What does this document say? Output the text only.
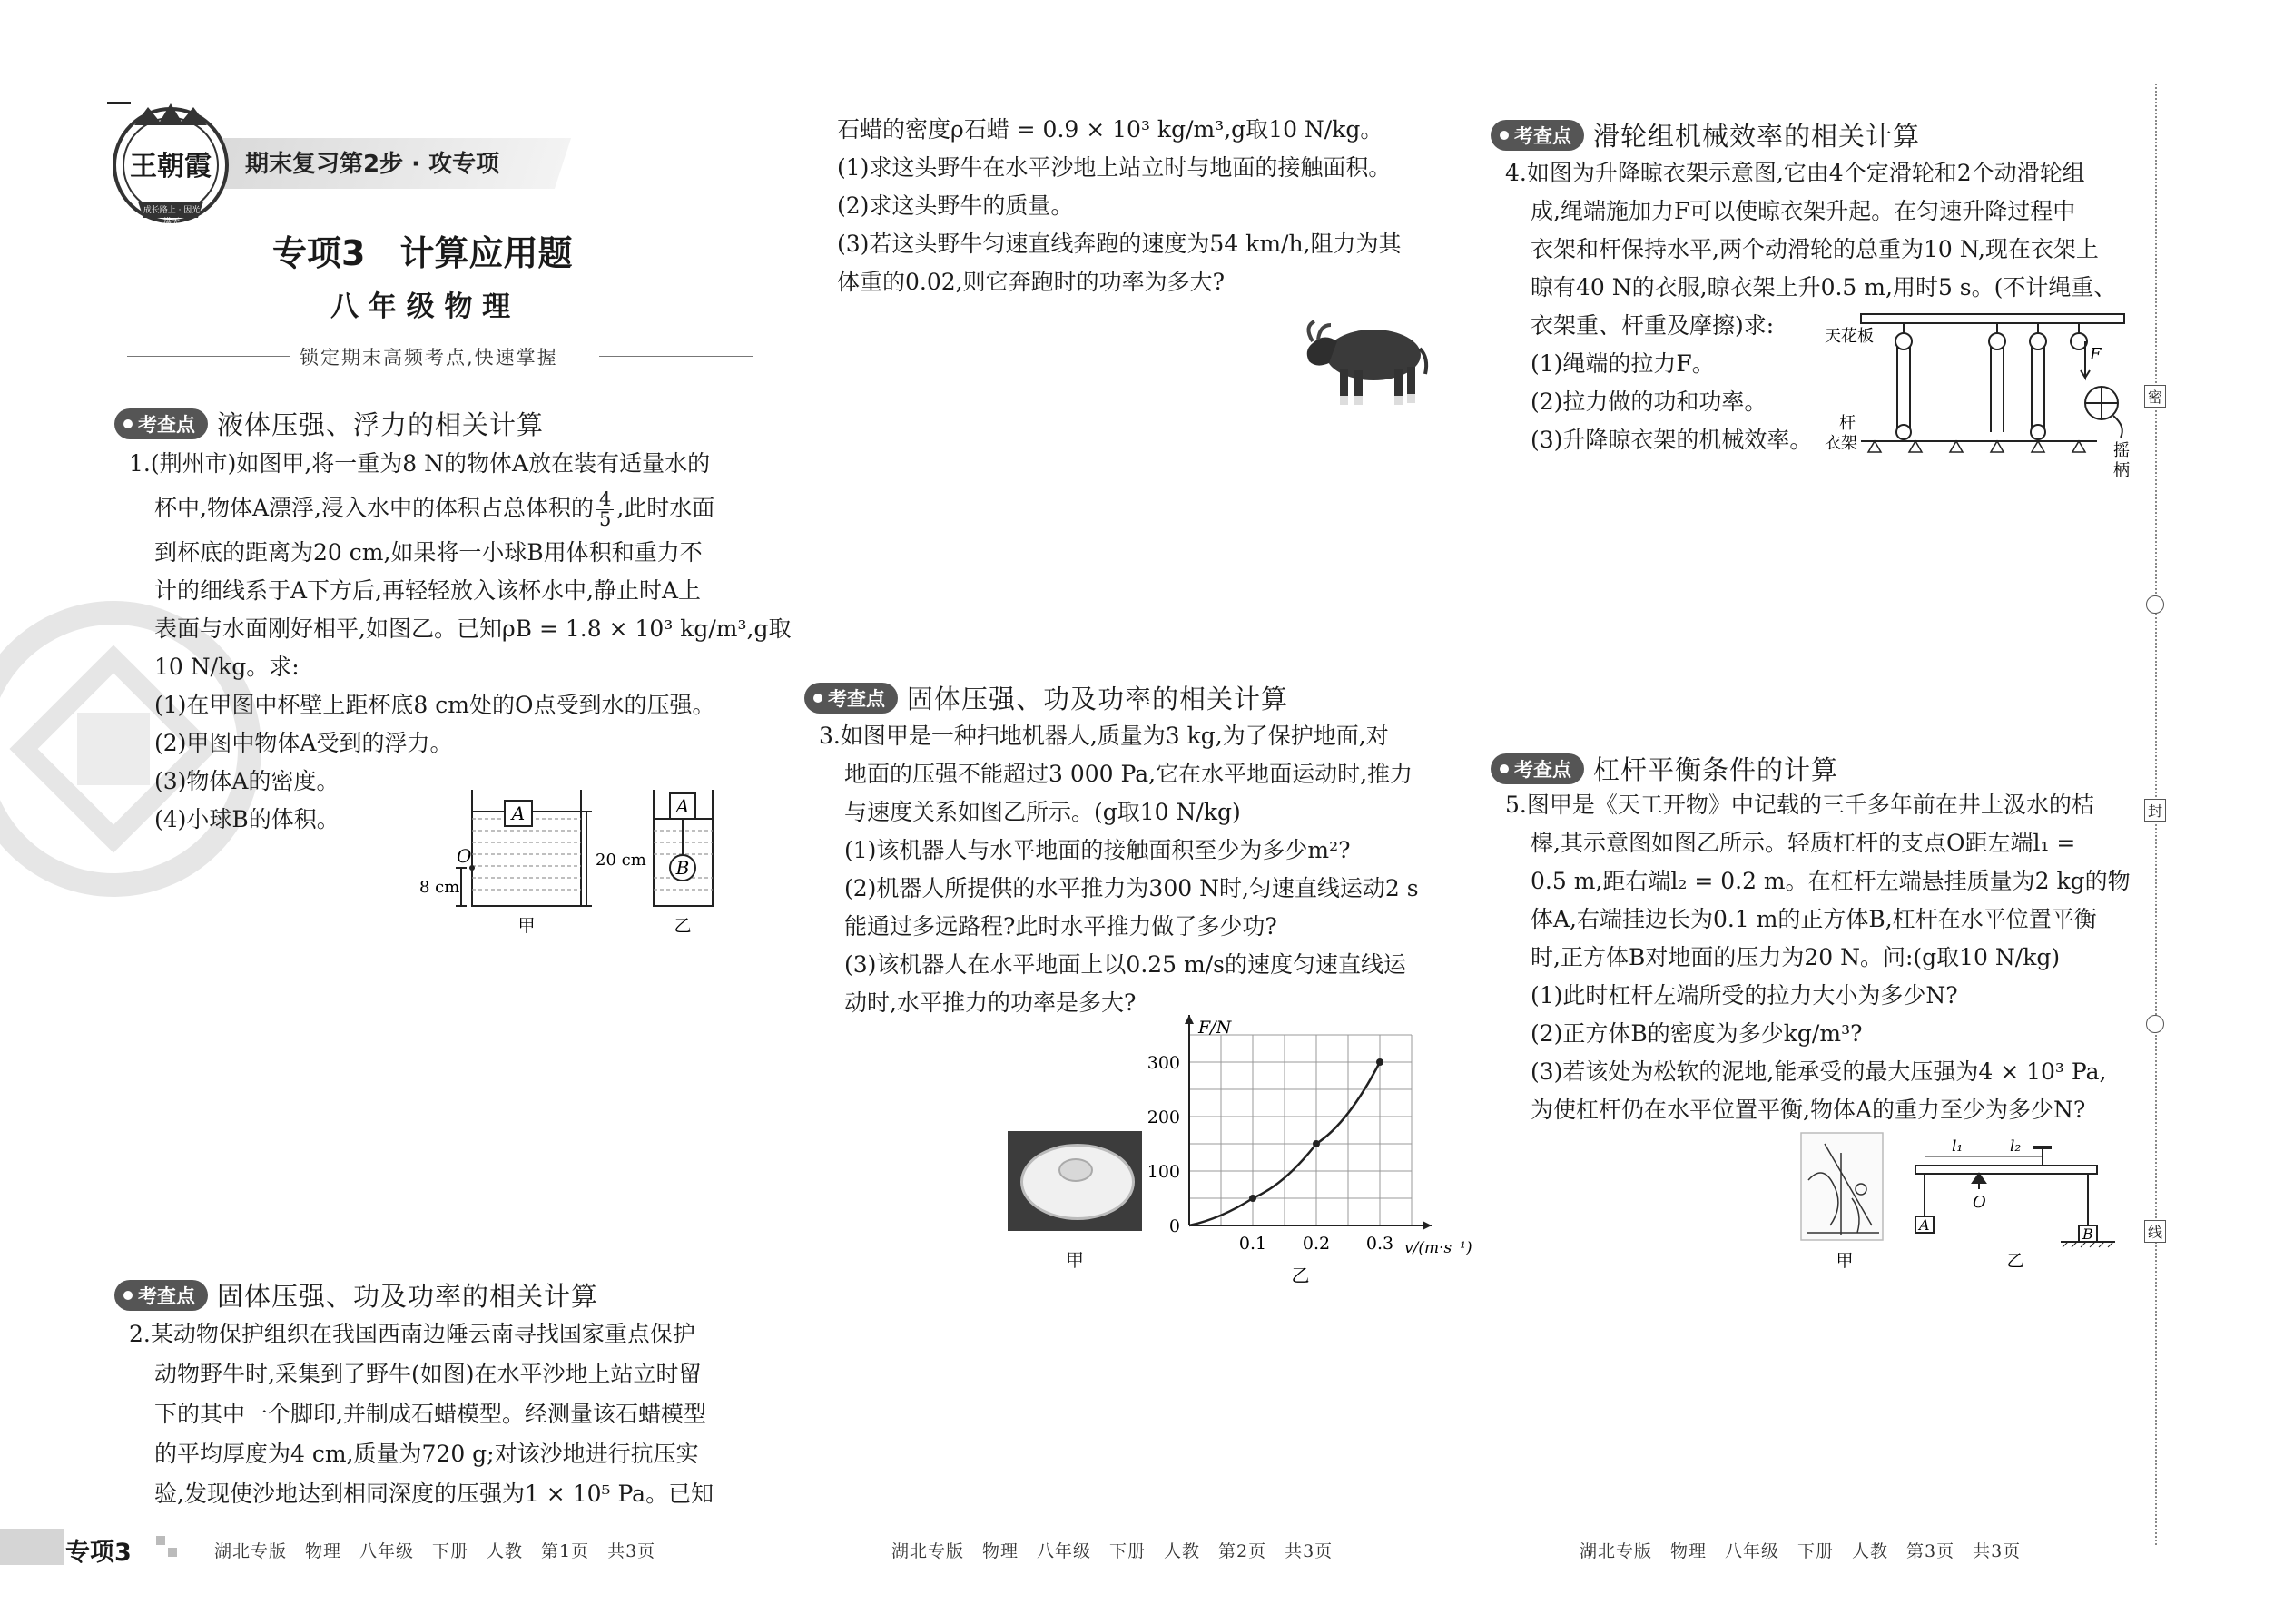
期末复习第2步 · 攻专项
王朝霞
成长路上 · 因光满天
专项3　计算应用题
八 年 级 物 理
锁定期末高频考点,快速掌握
考查点 液体压强、浮力的相关计算
1.(荆州市)如图甲,将一重为8 N的物体A放在装有适量水的
杯中,物体A漂浮,浸入水中的体积占总体积的 $\frac{4}{5}$ ,此时水面
到杯底的距离为20 cm,如果将一小球B用体积和重力不
计的细线系于A下方后,再轻轻放入该杯水中,静止时A上
表面与水面刚好相平,如图乙。已知ρB = 1.8 × 10³ kg/m³,g取
10 N/kg。求:
(1)在甲图中杯壁上距杯底8 cm处的O点受到水的压强。
(2)甲图中物体A受到的浮力。
(3)物体A的密度。
(4)小球B的体积。	A
O	20 cm
8 cm
甲
A
B
乙
考查点 固体压强、功及功率的相关计算
2.某动物保护组织在我国西南边陲云南寻找国家重点保护
动物野牛时,采集到了野牛(如图)在水平沙地上站立时留
下的其中一个脚印,并制成石蜡模型。经测量该石蜡模型
的平均厚度为4 cm,质量为720 g;对该沙地进行抗压实
验,发现使沙地达到相同深度的压强为1 × 10⁵ Pa。已知
石蜡的密度ρ石蜡 = 0.9 × 10³ kg/m³,g取10 N/kg。
(1)求这头野牛在水平沙地上站立时与地面的接触面积。
(2)求这头野牛的质量。
(3)若这头野牛匀速直线奔跑的速度为54 km/h,阻力为其
体重的0.02,则它奔跑时的功率为多大?
考查点 固体压强、功及功率的相关计算
3.如图甲是一种扫地机器人,质量为3 kg,为了保护地面,对
地面的压强不能超过3 000 Pa,它在水平地面运动时,推力
与速度关系如图乙所示。(g取10 N/kg)
(1)该机器人与水平地面的接触面积至少为多少m²?
(2)机器人所提供的水平推力为300 N时,匀速直线运动2 s
能通过多远路程?此时水平推力做了多少功?
(3)该机器人在水平地面上以0.25 m/s的速度匀速直线运
动时,水平推力的功率是多大?
甲
0.1 0.2 0.3
0
100
200
300
F/N
v/(m·s⁻¹)
乙
考查点 滑轮组机械效率的相关计算
4.如图为升降晾衣架示意图,它由4个定滑轮和2个动滑轮组
成,绳端施加力F可以使晾衣架升起。在匀速升降过程中
衣架和杆保持水平,两个动滑轮的总重为10 N,现在衣架上
晾有40 N的衣服,晾衣架上升0.5 m,用时5 s。(不计绳重、
衣架重、杆重及摩擦)求:
(1)绳端的拉力F。
(2)拉力做的功和功率。
(3)升降晾衣架的机械效率。
天花板
F
杆
衣架	摇
柄
考查点 杠杆平衡条件的计算
5.图甲是《天工开物》中记载的三千多年前在井上汲水的桔
槔,其示意图如图乙所示。轻质杠杆的支点O距左端l₁ =
0.5 m,距右端l₂ = 0.2 m。在杠杆左端悬挂质量为2 kg的物
体A,右端挂边长为0.1 m的正方体B,杠杆在水平位置平衡
时,正方体B对地面的压力为20 N。问:(g取10 N/kg)
(1)此时杠杆左端所受的拉力大小为多少N?
(2)正方体B的密度为多少kg/m³?
(3)若该处为松软的泥地,能承受的最大压强为4 × 10³ Pa,
为使杠杆仍在水平位置平衡,物体A的重力至少为多少N?
甲
l₁	l₂
O
A
B
乙
密
封
线
专项3	湖北专版　物理　八年级　下册　人教　第1页　共3页	湖北专版　物理　八年级　下册　人教　第2页　共3页	湖北专版　物理　八年级　下册　人教　第3页　共3页
